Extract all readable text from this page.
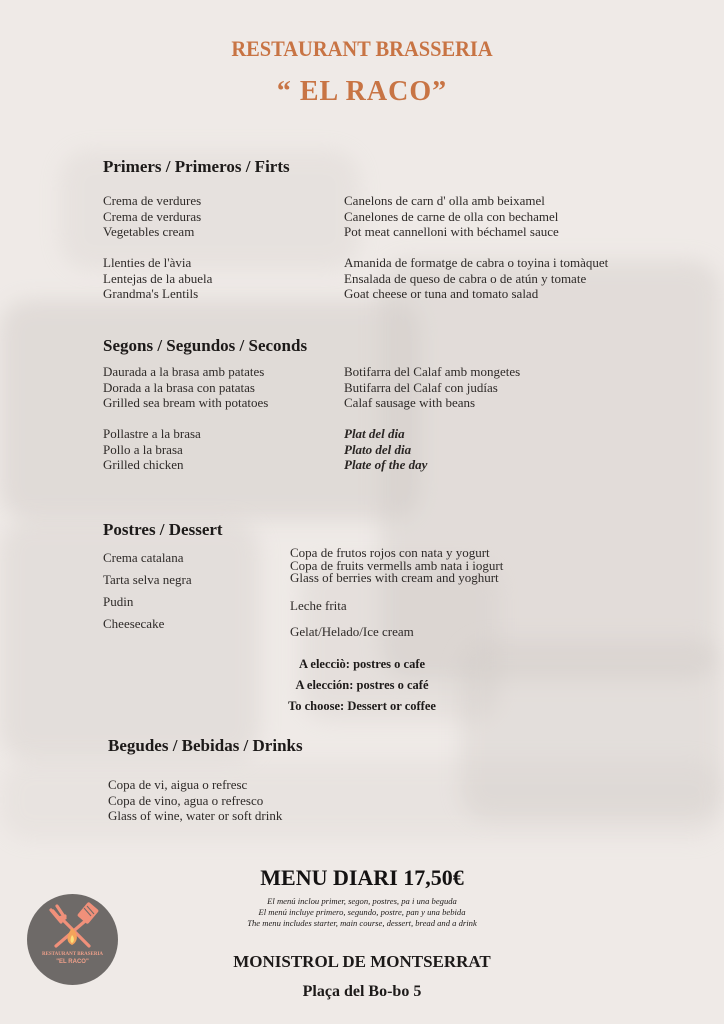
RESTAURANT BRASSERIA
“ EL RACO”
Primers / Primeros / Firts
Crema de verdures
Crema de verduras
Vegetables cream
Llenties de l'àvia
Lentejas de la abuela
Grandma's Lentils
Canelons de carn d' olla amb beixamel
Canelones de carne de olla con bechamel
Pot meat cannelloni with béchamel sauce
Amanida de formatge de cabra o toyina i tomàquet
Ensalada de queso de cabra o de atún y tomate
Goat cheese or tuna and tomato salad
Segons / Segundos / Seconds
Daurada a la brasa amb patates
Dorada a la brasa con patatas
Grilled sea bream with potatoes
Pollastre a la brasa
Pollo a la brasa
Grilled chicken
Botifarra del Calaf amb mongetes
Butifarra del Calaf con judías
Calaf sausage with beans
Plat del dia
Plato del dia
Plate of the day
Postres / Dessert
Crema catalana
Tarta selva negra
Pudin
Cheesecake
Copa de frutos rojos con nata y yogurt
Copa de fruits vermells amb nata i iogurt
Glass of berries with cream and yoghurt
Leche frita
Gelat/Helado/Ice cream
A elecciò: postres o cafe
A elección: postres o café
To choose: Dessert or coffee
Begudes / Bebidas / Drinks
Copa de vi, aigua o refresc
Copa de vino, agua o refresco
Glass of wine, water or soft drink
MENU DIARI 17,50€
El menú inclou primer, segon, postres, pa i una beguda
El menú incluye primero, segundo, postre, pan y una bebida
The menu includes starter, main course, dessert, bread and a drink
RESTAURANT BRASERIA
"EL RACO"	MONISTROL DE MONTSERRAT
Plaça del Bo-bo 5
